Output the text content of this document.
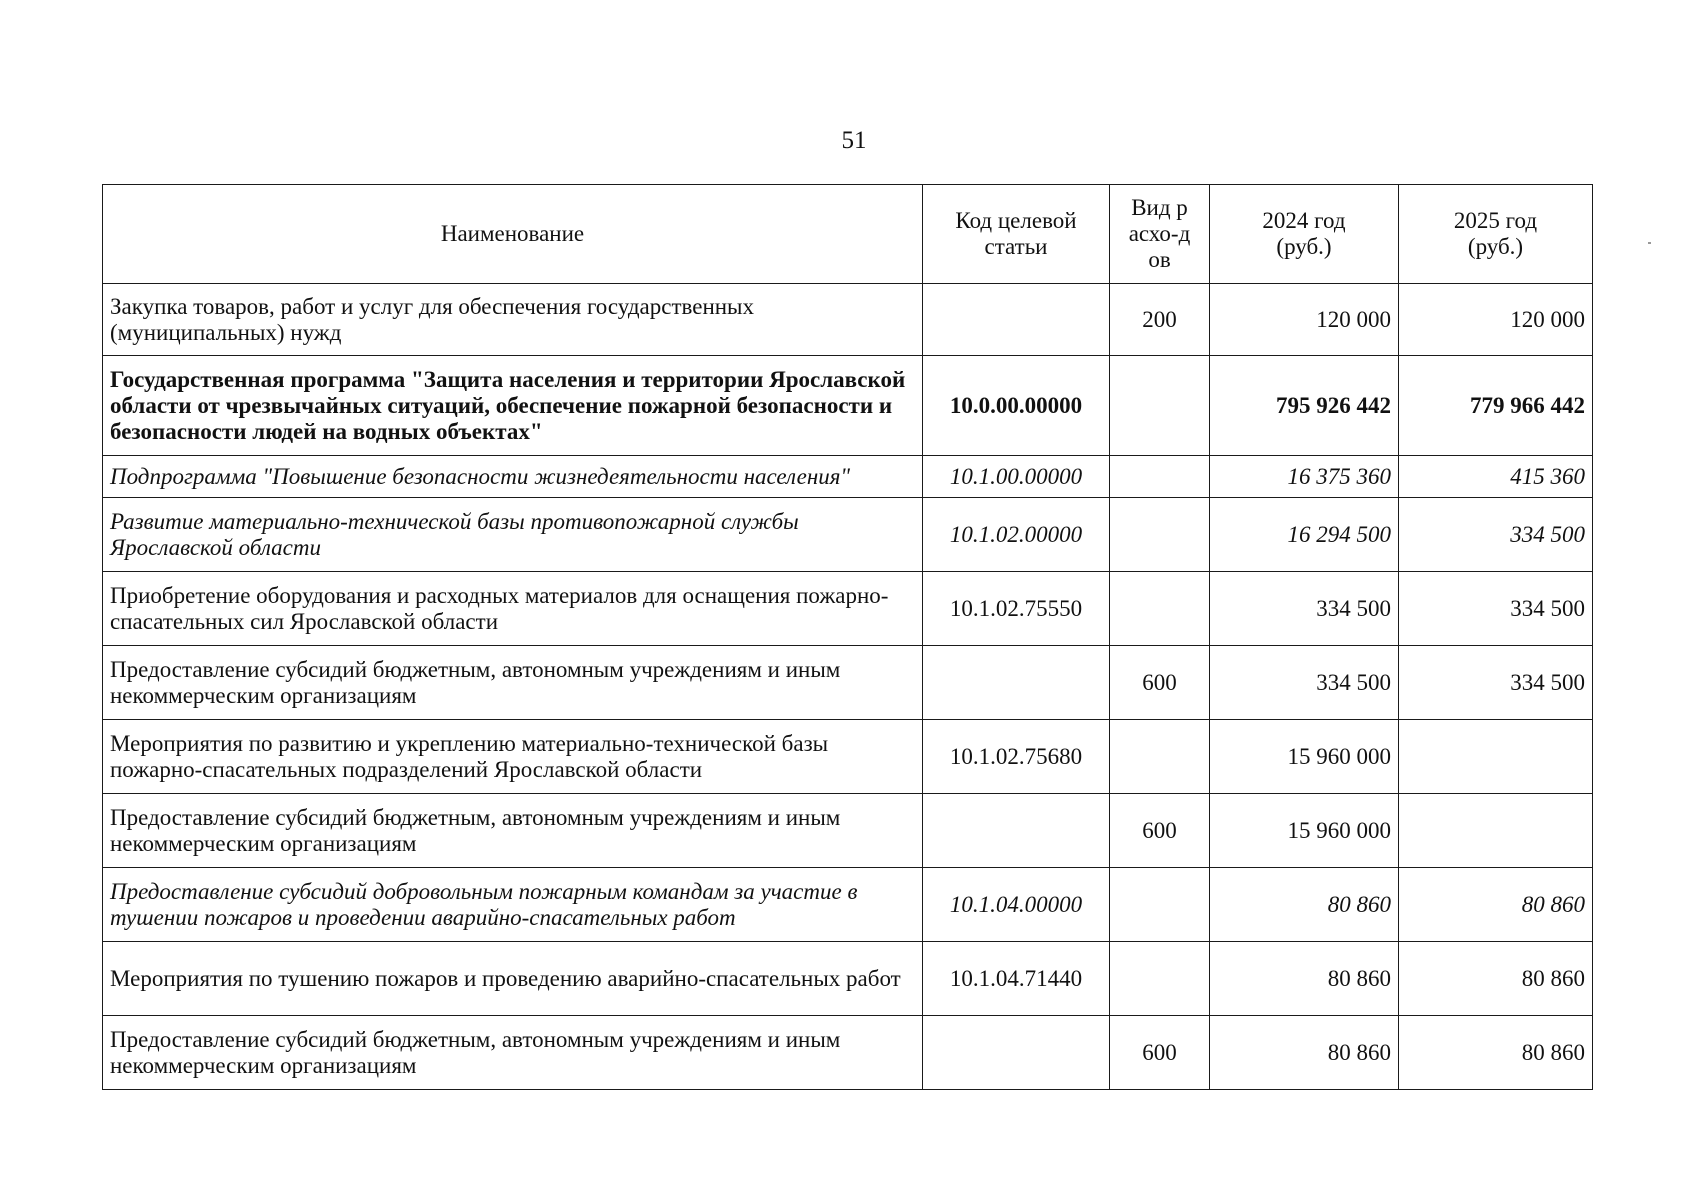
51
Наименование	Код целевой статьи	Вид расхо-дов	2024 год (руб.)	2025 год (руб.)

Закупка товаров, работ и услуг для обеспечения государственных (муниципальных) нужд		200	120 000	120 000
Государственная программа "Защита населения и территории Ярославской области от чрезвычайных ситуаций, обеспечение пожарной безопасности и безопасности людей на водных объектах"	10.0.00.00000		795 926 442	779 966 442
Подпрограмма "Повышение безопасности жизнедеятельности населения"	10.1.00.00000		16 375 360	415 360
Развитие материально-технической базы противопожарной службы Ярославской области	10.1.02.00000		16 294 500	334 500
Приобретение оборудования и расходных материалов для оснащения пожарно-спасательных сил Ярославской области	10.1.02.75550		334 500	334 500
Предоставление субсидий бюджетным, автономным учреждениям и иным некоммерческим организациям		600	334 500	334 500
Мероприятия по развитию и укреплению материально-технической базы пожарно-спасательных подразделений Ярославской области	10.1.02.75680		15 960 000	
Предоставление субсидий бюджетным, автономным учреждениям и иным некоммерческим организациям		600	15 960 000	
Предоставление субсидий добровольным пожарным командам за участие в тушении пожаров и проведении аварийно-спасательных работ	10.1.04.00000		80 860	80 860
Мероприятия по тушению пожаров и проведению аварийно-спасательных работ	10.1.04.71440		80 860	80 860
Предоставление субсидий бюджетным, автономным учреждениям и иным некоммерческим организациям		600	80 860	80 860
